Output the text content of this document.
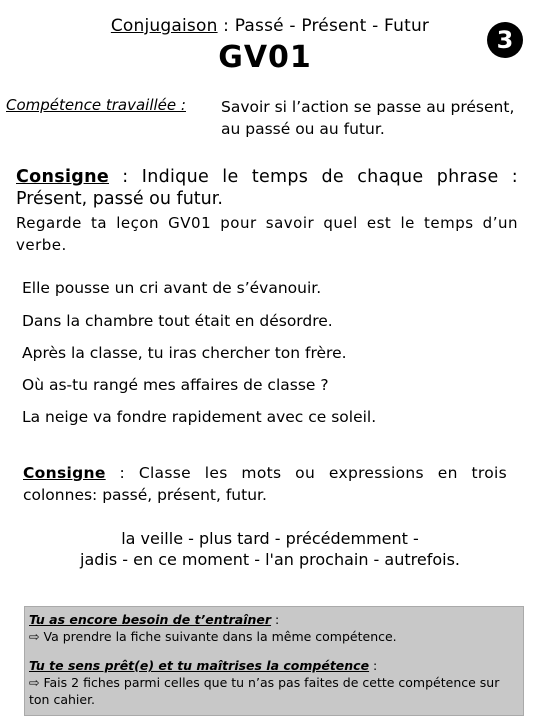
Conjugaison : Passé - Présent - Futur
GV01	3
Compétence travaillée : Savoir si l’action se passe au présent, au passé ou au futur.
Consigne : Indique le temps de chaque phrase :
Présent, passé ou futur.
Regarde ta leçon GV01 pour savoir quel est le temps d’un verbe.
Elle pousse un cri avant de s’évanouir.
Dans la chambre tout était en désordre.
Après la classe, tu iras chercher ton frère.
Où as-tu rangé mes affaires de classe ?
La neige va fondre rapidement avec ce soleil.
Consigne : Classe les mots ou expressions en trois
colonnes: passé, présent, futur.
la veille - plus tard - précédemment -
jadis - en ce moment - l'an prochain - autrefois.

Tu as encore besoin de t’entraîner :

⇨ Va prendre la fiche suivante dans la même compétence.

Tu te sens prêt(e) et tu maîtrises la compétence :

⇨ Fais 2 fiches parmi celles que tu n’as pas faites de cette compétence sur ton cahier.
